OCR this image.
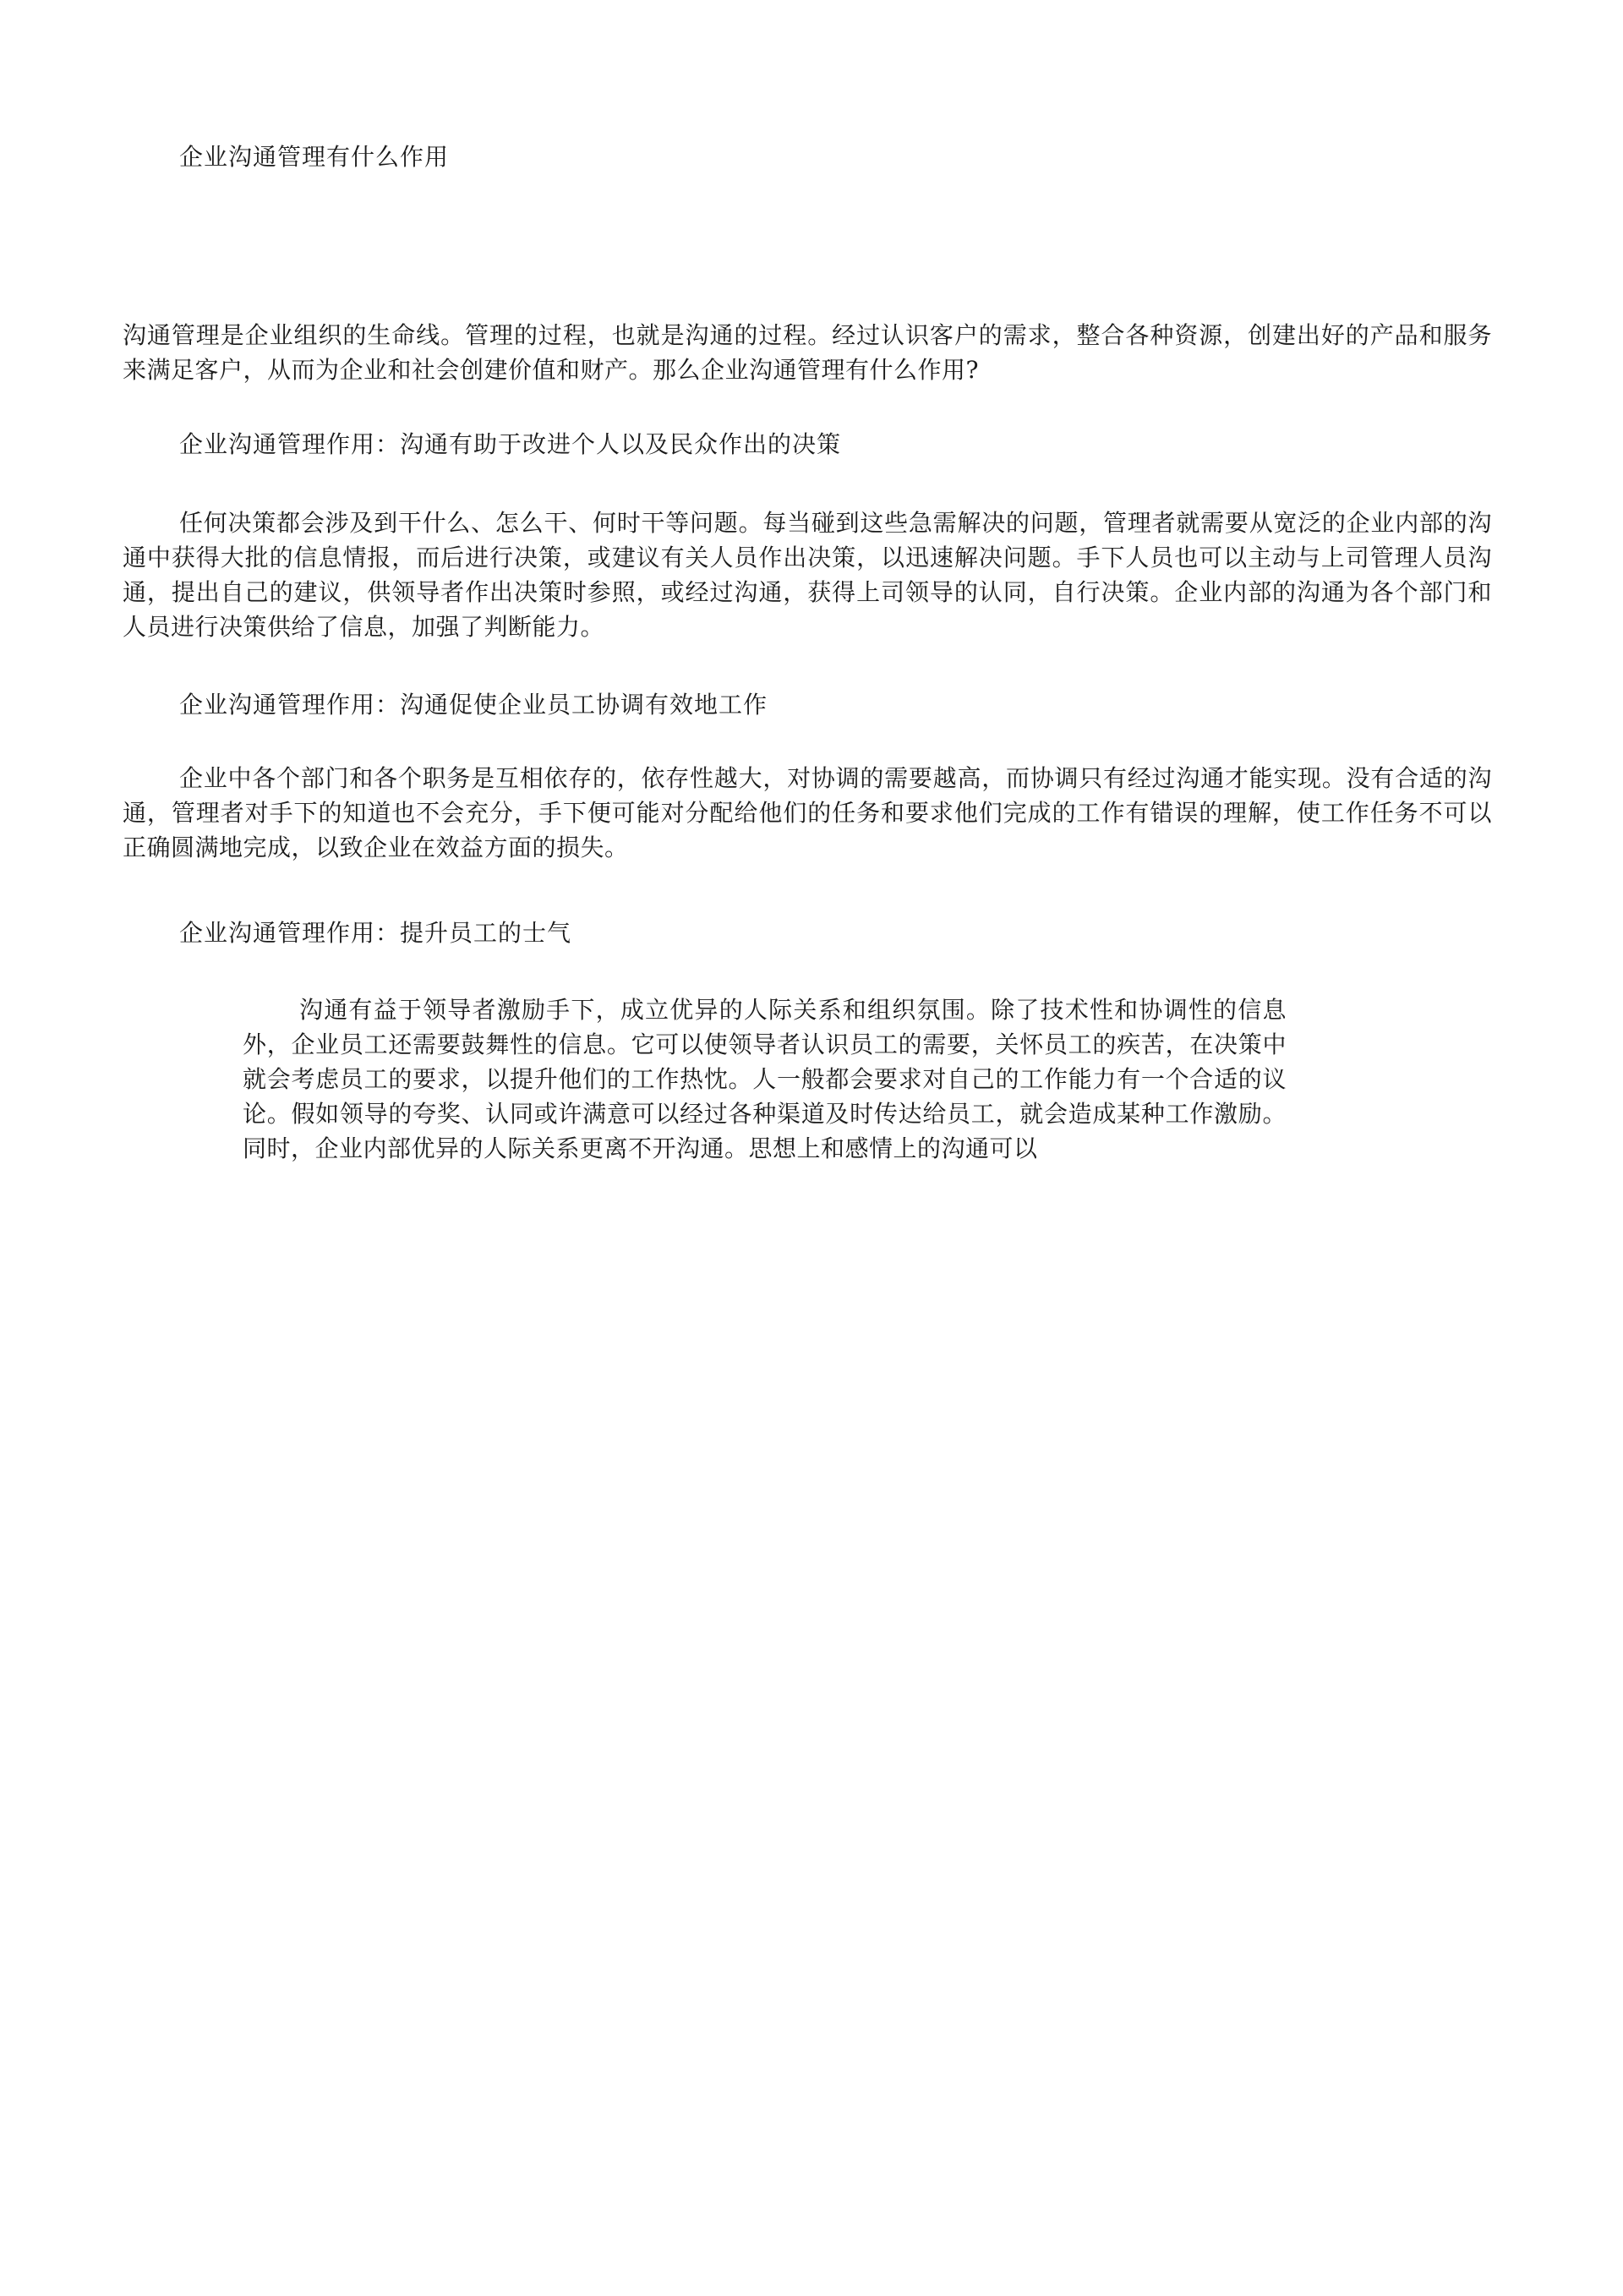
企业沟通管理有什么作用
沟通管理是企业组织的生命线。管理的过程，也就是沟通的过程。经过认识客户的需求，整合各种资源，创建出好的产品和服务来满足客户，从而为企业和社会创建价值和财产。那么企业沟通管理有什么作用?
企业沟通管理作用：沟通有助于改进个人以及民众作出的决策
任何决策都会涉及到干什么、怎么干、何时干等问题。每当碰到这些急需解决的问题，管理者就需要从宽泛的企业内部的沟通中获得大批的信息情报，而后进行决策，或建议有关人员作出决策，以迅速解决问题。手下人员也可以主动与上司管理人员沟通，提出自己的建议，供领导者作出决策时参照，或经过沟通，获得上司领导的认同，自行决策。企业内部的沟通为各个部门和人员进行决策供给了信息，加强了判断能力。
企业沟通管理作用：沟通促使企业员工协调有效地工作
企业中各个部门和各个职务是互相依存的，依存性越大，对协调的需要越高，而协调只有经过沟通才能实现。没有合适的沟通，管理者对手下的知道也不会充分，手下便可能对分配给他们的任务和要求他们完成的工作有错误的理解，使工作任务不可以正确圆满地完成，以致企业在效益方面的损失。
企业沟通管理作用：提升员工的士气
沟通有益于领导者激励手下，成立优异的人际关系和组织氛围。除了技术性和协调性的信息外，企业员工还需要鼓舞性的信息。它可以使领导者认识员工的需要，关怀员工的疾苦，在决策中就会考虑员工的要求，以提升他们的工作热忱。人一般都会要求对自己的工作能力有一个合适的议论。假如领导的夸奖、认同或许满意可以经过各种渠道及时传达给员工，就会造成某种工作激励。同时，企业内部优异的人际关系更离不开沟通。思想上和感情上的沟通可以
